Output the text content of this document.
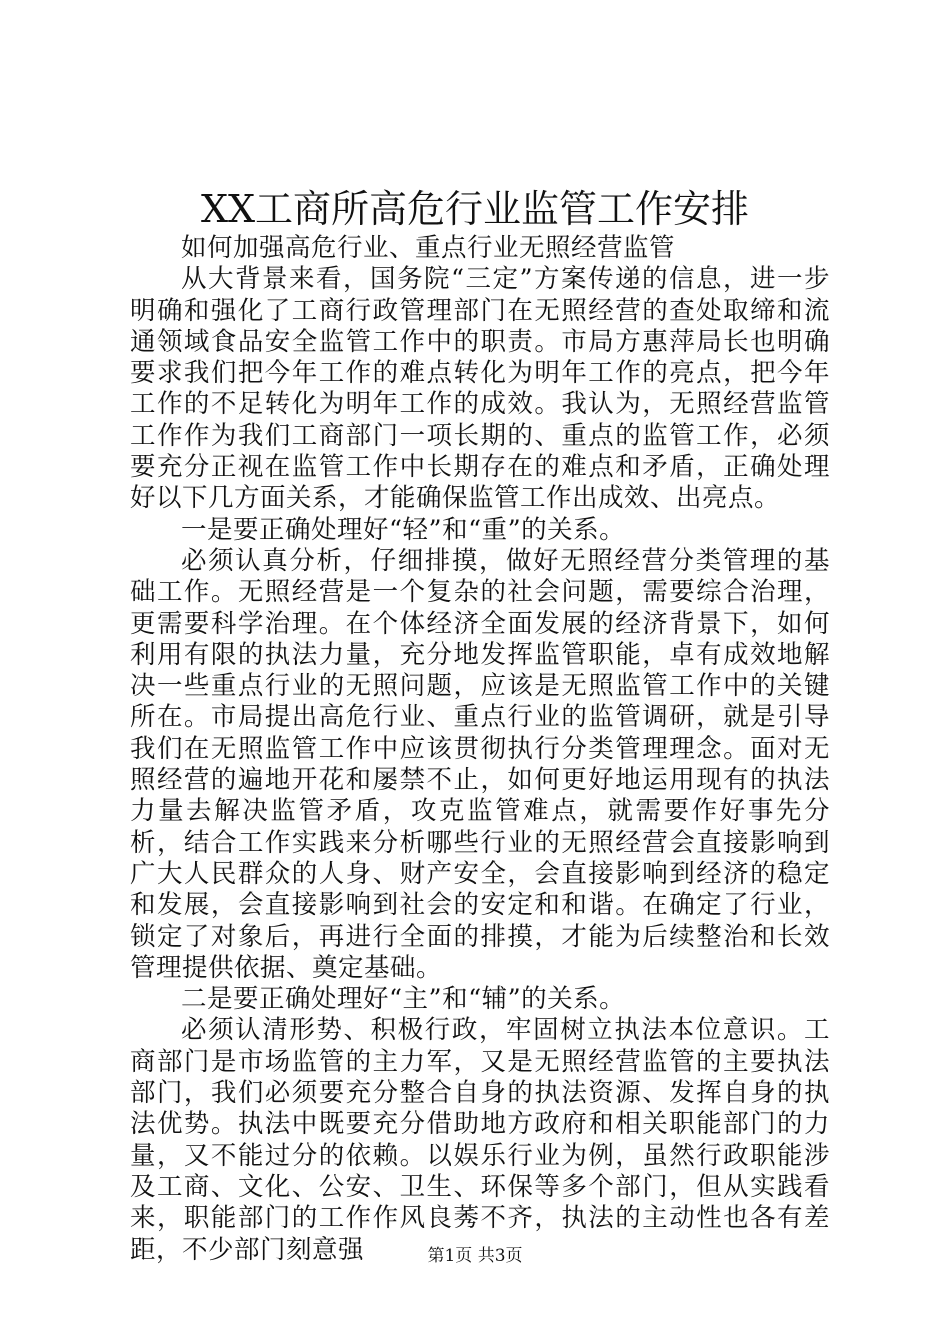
XX工商所高危行业监管工作安排

如何加强高危行业、重点行业无照经营监管

从大背景来看，国务院“三定”方案传递的信息，进一步明确和强化了工商行政管理部门在无照经营的查处取缔和流通领域食品安全监管工作中的职责。市局方惠萍局长也明确要求我们把今年工作的难点转化为明年工作的亮点，把今年工作的不足转化为明年工作的成效。我认为，无照经营监管工作作为我们工商部门一项长期的、重点的监管工作，必须要充分正视在监管工作中长期存在的难点和矛盾，正确处理好以下几方面关系，才能确保监管工作出成效、出亮点。

一是要正确处理好“轻”和“重”的关系。

必须认真分析，仔细排摸，做好无照经营分类管理的基础工作。无照经营是一个复杂的社会问题，需要综合治理，更需要科学治理。在个体经济全面发展的经济背景下，如何利用有限的执法力量，充分地发挥监管职能，卓有成效地解决一些重点行业的无照问题，应该是无照监管工作中的关键所在。市局提出高危行业、重点行业的监管调研，就是引导我们在无照监管工作中应该贯彻执行分类管理理念。面对无照经营的遍地开花和屡禁不止，如何更好地运用现有的执法力量去解决监管矛盾，攻克监管难点，就需要作好事先分析，结合工作实践来分析哪些行业的无照经营会直接影响到广大人民群众的人身、财产安全，会直接影响到经济的稳定和发展，会直接影响到社会的安定和和谐。在确定了行业，锁定了对象后，再进行全面的排摸，才能为后续整治和长效管理提供依据、奠定基础。

二是要正确处理好“主”和“辅”的关系。

必须认清形势、积极行政，牢固树立执法本位意识。工商部门是市场监管的主力军，又是无照经营监管的主要执法部门，我们必须要充分整合自身的执法资源、发挥自身的执法优势。执法中既要充分借助地方政府和相关职能部门的力量，又不能过分的依赖。以娱乐行业为例，虽然行政职能涉及工商、文化、公安、卫生、环保等多个部门，但从实践看来，职能部门的工作作风良莠不齐，执法的主动性也各有差距，不少部门刻意强	第1页 共3页
